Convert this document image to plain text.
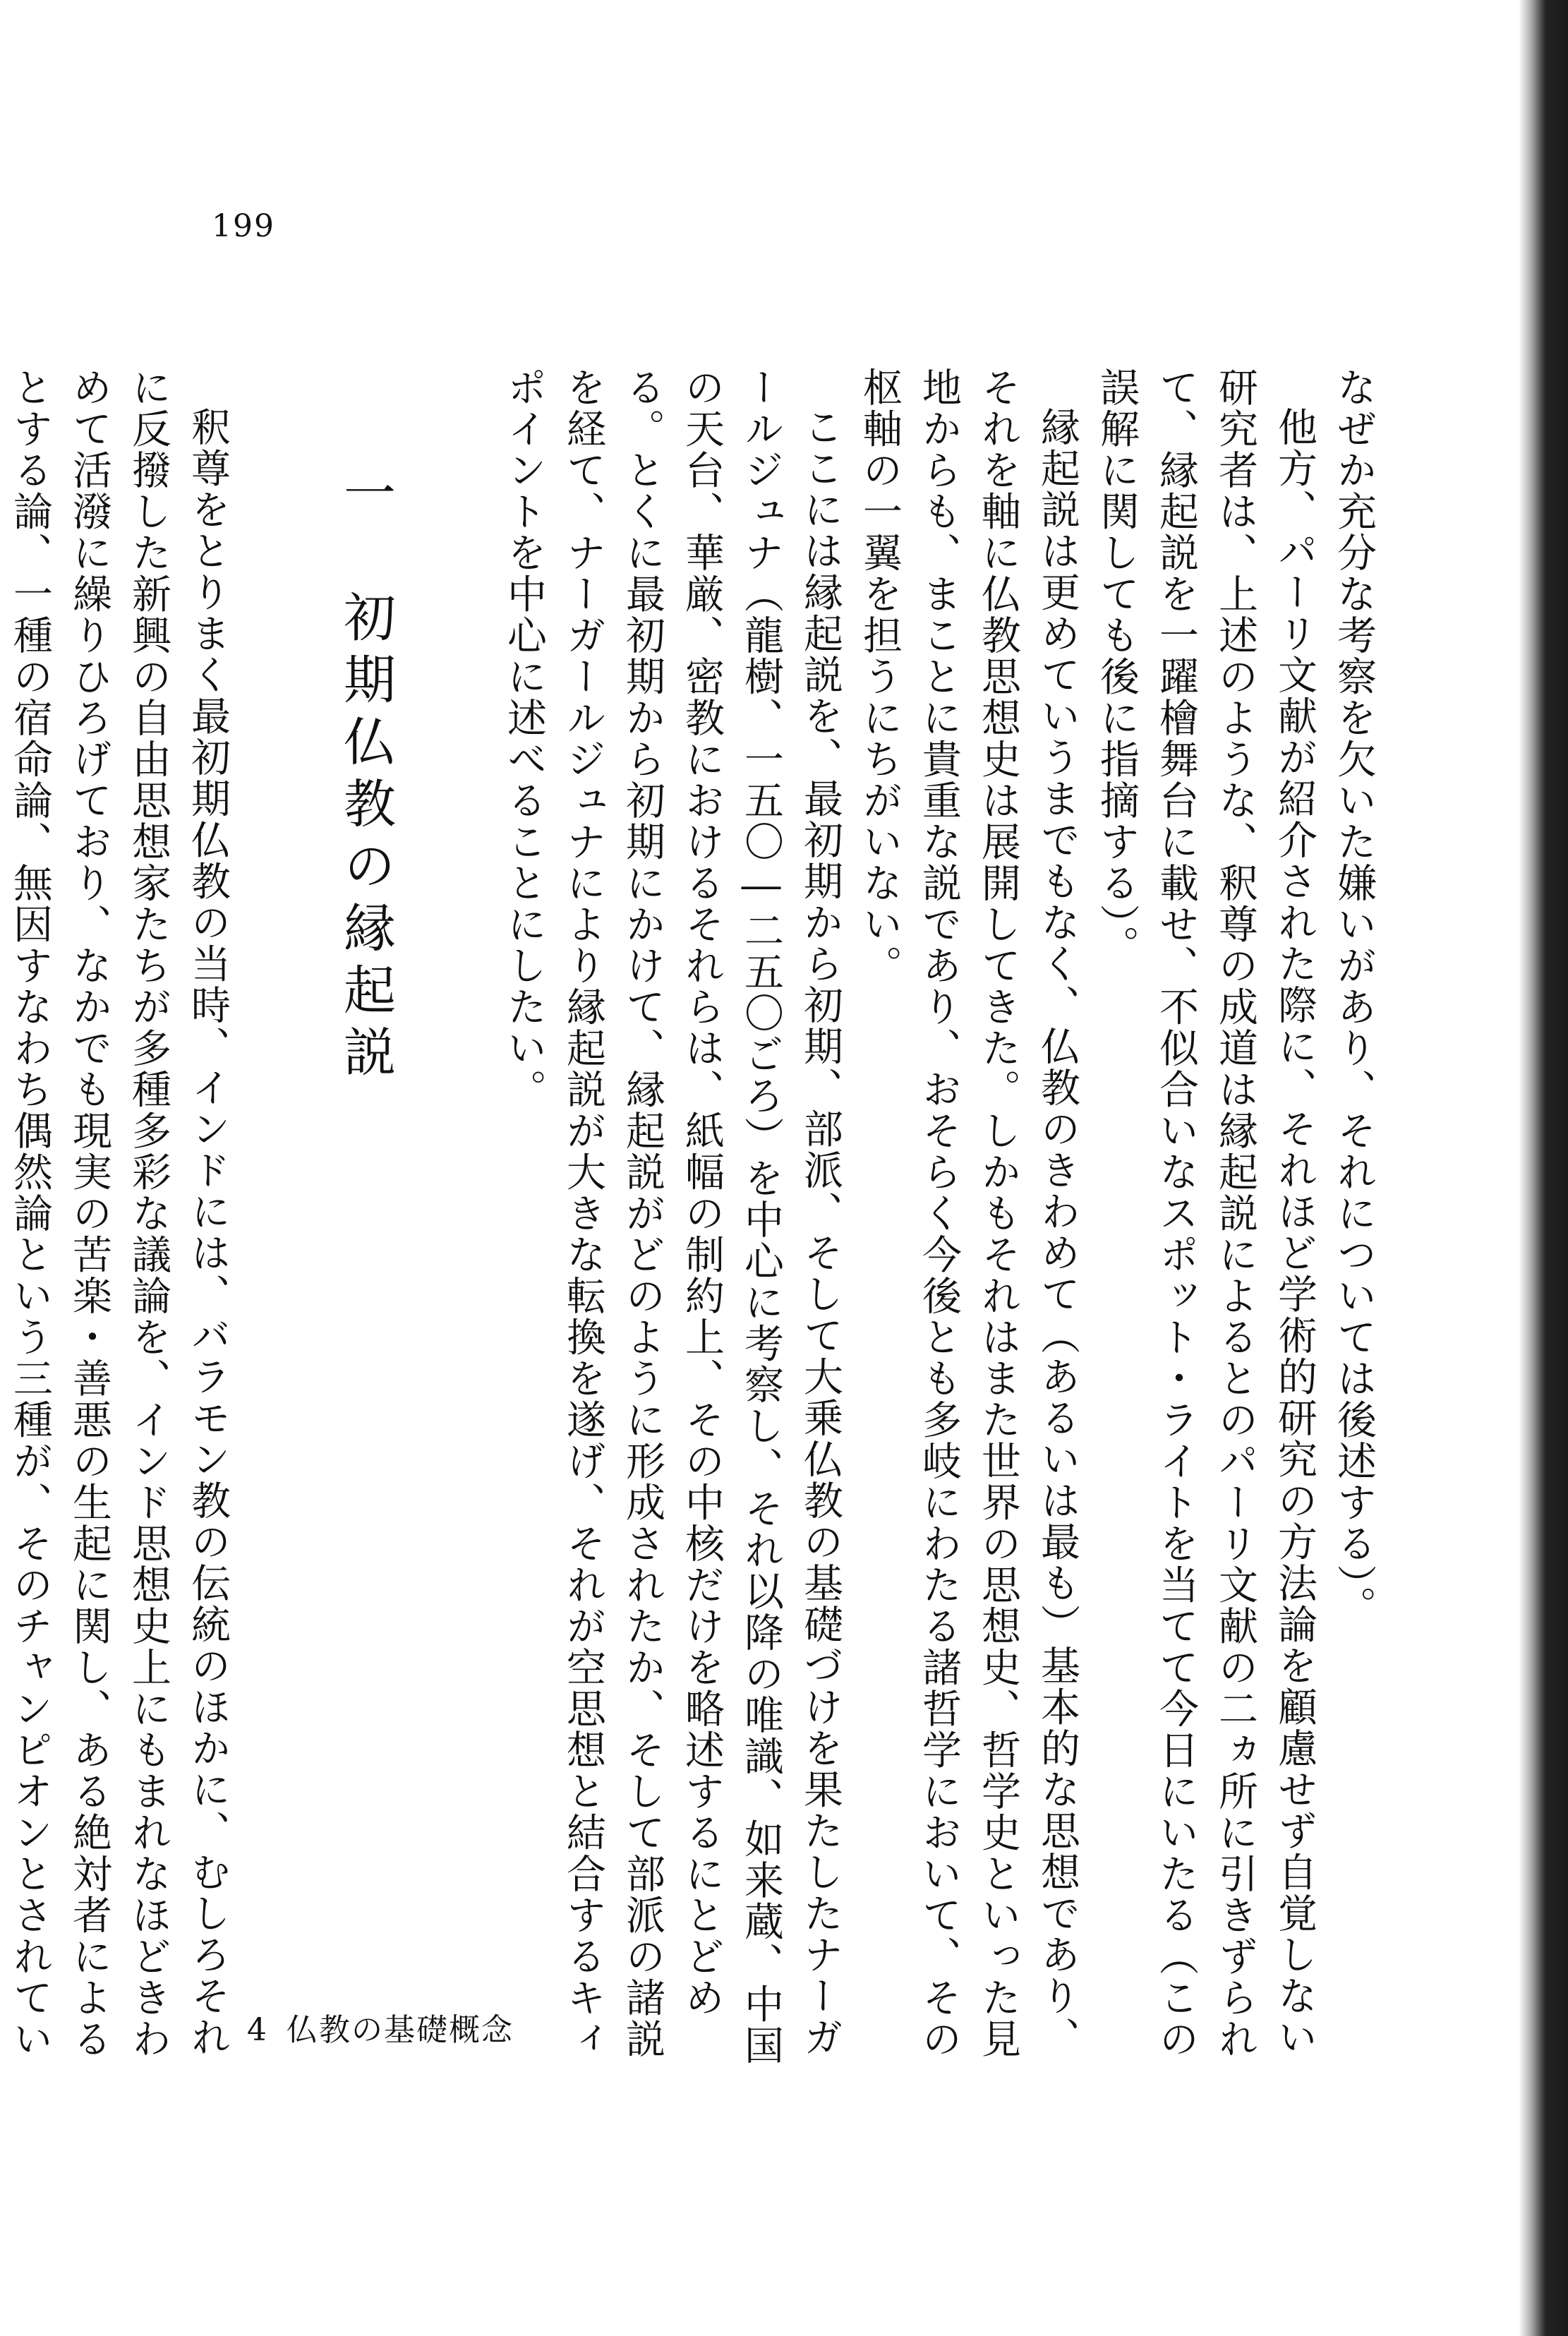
199

なぜか充分な考察を欠いた嫌いがあり、それについては後述する）。

他方、パーリ文献が紹介された際に、それほど学術的研究の方法論を顧慮せず自覚しない研究者は、上述のような、釈尊の成道は縁起説によるとのパーリ文献の二ヵ所に引きずられて、縁起説を一躍檜舞台に載せ、不似合いなスポット・ライトを当てて今日にいたる（この誤解に関しても後に指摘する）。

縁起説は更めていうまでもなく、仏教のきわめて（あるいは最も）基本的な思想であり、それを軸に仏教思想史は展開してきた。しかもそれはまた世界の思想史、哲学史といった見地からも、まことに貴重な説であり、おそらく今後とも多岐にわたる諸哲学において、その枢軸の一翼を担うにちがいない。

ここには縁起説を、最初期から初期、部派、そして大乗仏教の基礎づけを果たしたナーガールジュナ（龍樹、一五〇―二五〇ごろ）を中心に考察し、それ以降の唯識、如来蔵、中国の天台、華厳、密教におけるそれらは、紙幅の制約上、その中核だけを略述するにとどめる。とくに最初期から初期にかけて、縁起説がどのように形成されたか、そして部派の諸説を経て、ナーガールジュナにより縁起説が大きな転換を遂げ、それが空思想と結合するキィポイントを中心に述べることにしたい。

一　初期仏教の縁起説

釈尊をとりまく最初期仏教の当時、インドには、バラモン教の伝統のほかに、むしろそれに反撥した新興の自由思想家たちが多種多彩な議論を、インド思想史上にもまれなほどきわめて活潑に繰りひろげており、なかでも現実の苦楽・善悪の生起に関し、ある絶対者によるとする論、一種の宿命論、無因すなわち偶然論という三種が、そのチャンピオンとされてい	4 仏教の基礎概念
